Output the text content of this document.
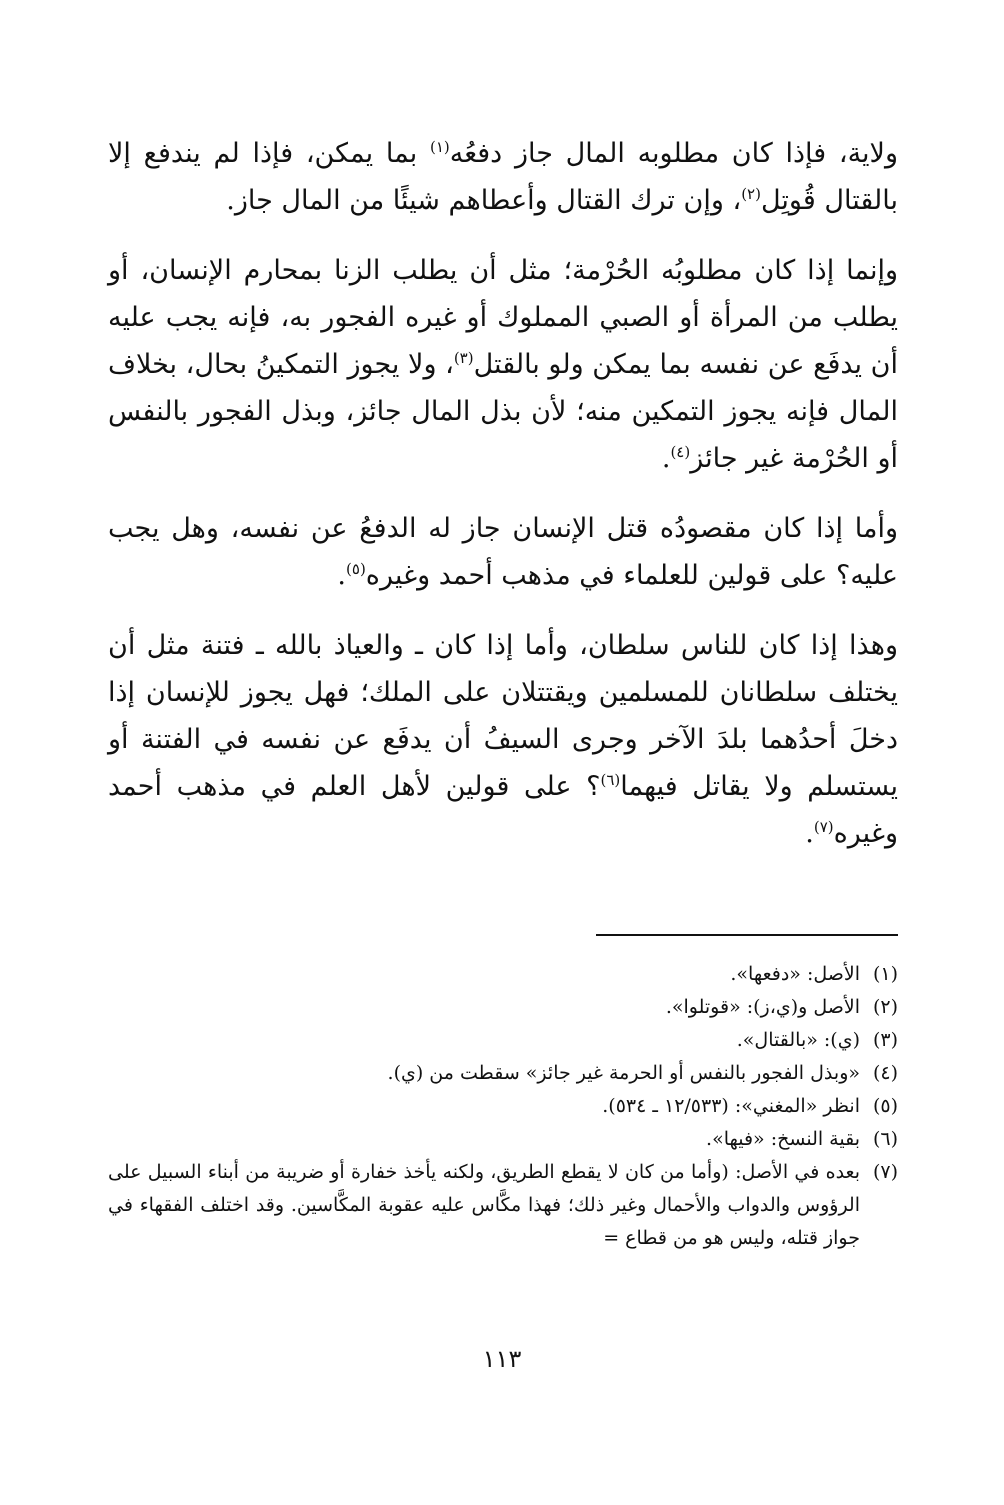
ولاية، فإذا كان مطلوبه المال جاز دفعُه$^{(١)}$ بما يمكن، فإذا لم يندفع إلا بالقتال قُوتِل$^{(٢)}$، وإن ترك القتال وأعطاهم شيئًا من المال جاز.

وإنما إذا كان مطلوبُه الحُرْمة؛ مثل أن يطلب الزنا بمحارم الإنسان، أو يطلب من المرأة أو الصبي المملوك أو غيره الفجور به، فإنه يجب عليه أن يدفَع عن نفسه بما يمكن ولو بالقتل$^{(٣)}$، ولا يجوز التمكينُ بحال، بخلاف المال فإنه يجوز التمكين منه؛ لأن بذل المال جائز، وبذل الفجور بالنفس أو الحُرْمة غير جائز$^{(٤)}$.

وأما إذا كان مقصودُه قتل الإنسان جاز له الدفعُ عن نفسه، وهل يجب عليه؟ على قولين للعلماء في مذهب أحمد وغيره$^{(٥)}$.

وهذا إذا كان للناس سلطان، وأما إذا كان ـ والعياذ بالله ـ فتنة مثل أن يختلف سلطانان للمسلمين ويقتتلان على الملك؛ فهل يجوز للإنسان إذا دخلَ أحدُهما بلدَ الآخر وجرى السيفُ أن يدفَع عن نفسه في الفتنة أو يستسلم ولا يقاتل فيهما$^{(٦)}$؟ على قولين لأهل العلم في مذهب أحمد وغيره$^{(٧)}$.

(١)
الأصل: «دفعها».
(٢)
الأصل و(ي،ز): «قوتلوا».
(٣)
(ي): «بالقتال».
(٤)
«وبذل الفجور بالنفس أو الحرمة غير جائز» سقطت من (ي).
(٥)
انظر «المغني»: (١٢/٥٣٣ ـ ٥٣٤).
(٦)
بقية النسخ: «فيها».
(٧)
بعده في الأصل: (وأما من كان لا يقطع الطريق، ولكنه يأخذ خفارة أو ضريبة من أبناء السبيل على الرؤوس والدواب والأحمال وغير ذلك؛ فهذا مكَّاس عليه عقوبة المكَّاسين. وقد اختلف الفقهاء في جواز قتله، وليس هو من قطاع =
١١٣
